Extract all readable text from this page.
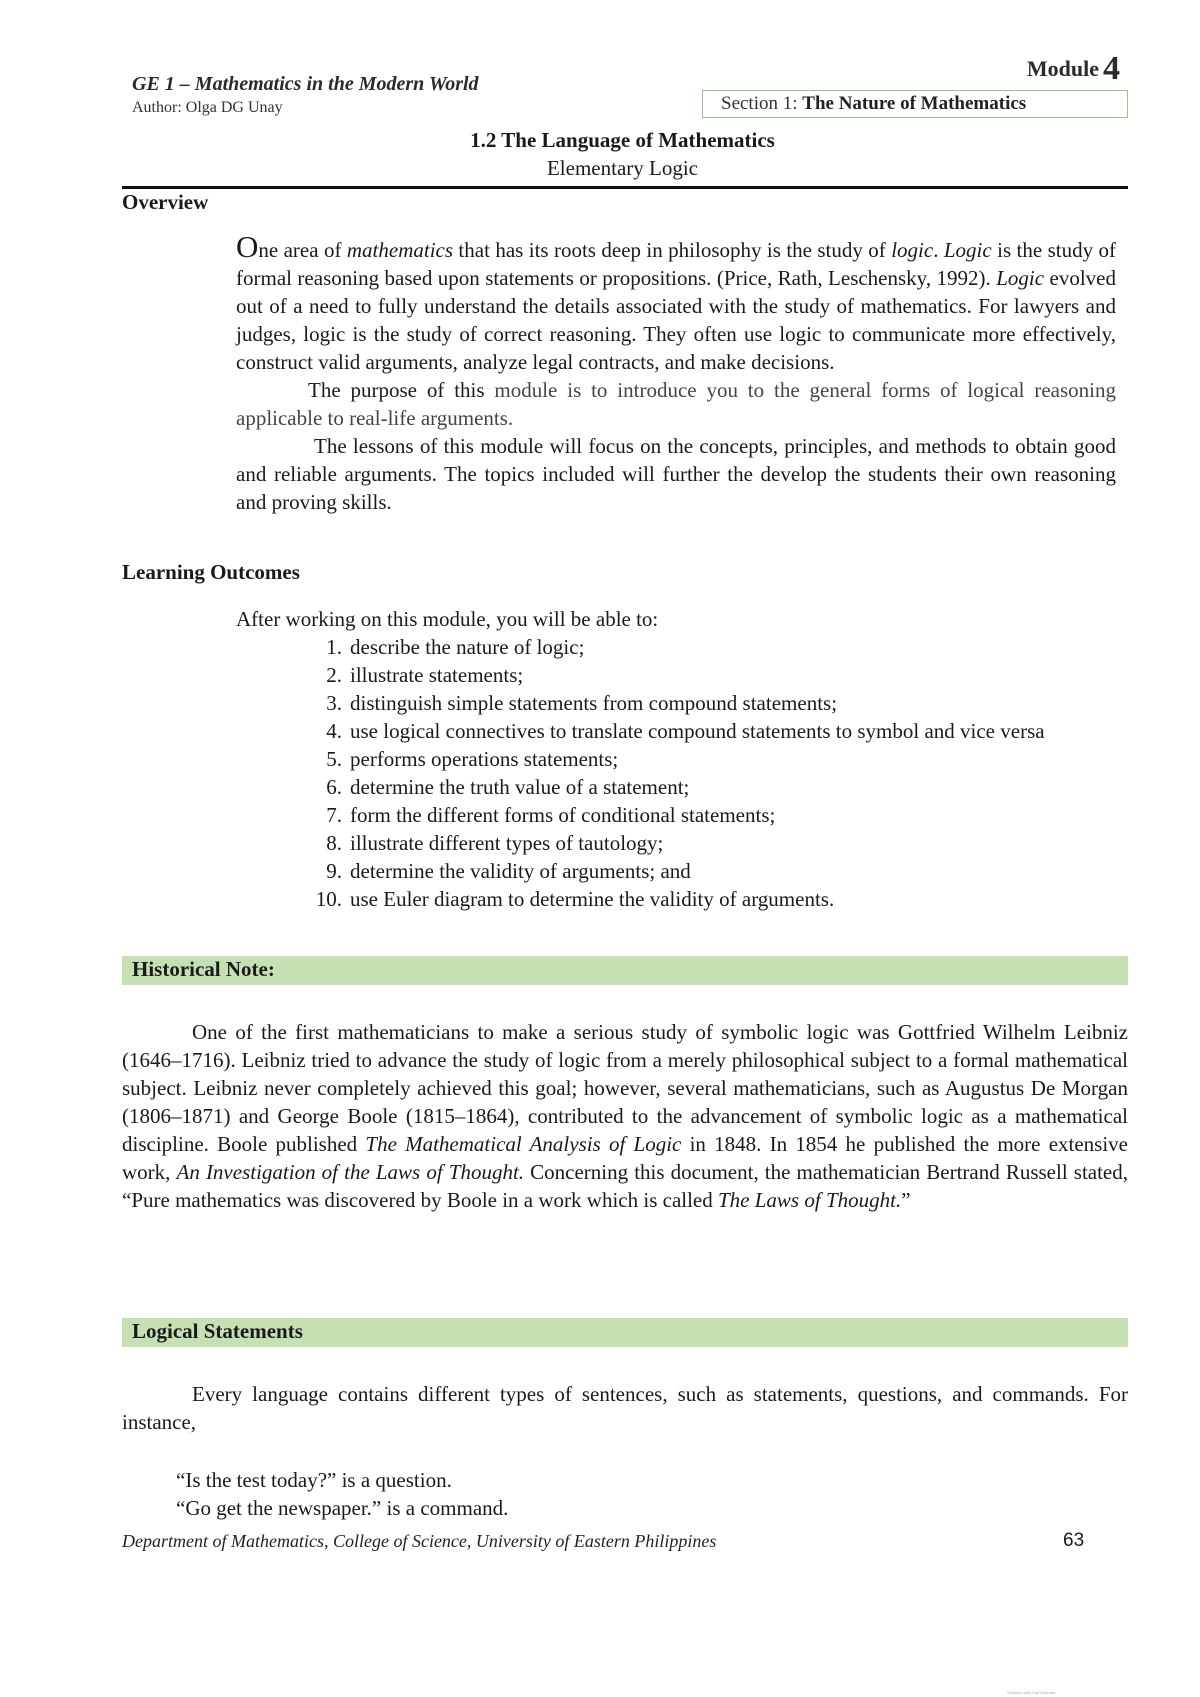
GE 1 – Mathematics in the Modern World
Author: Olga DG Unay
Module 4
Section 1: The Nature of Mathematics
1.2 The Language of Mathematics
Elementary Logic
Overview

One area of mathematics that has its roots deep in philosophy is the study of logic. Logic is the study of formal reasoning based upon statements or propositions. (Price, Rath, Leschensky, 1992). Logic evolved out of a need to fully understand the details associated with the study of mathematics. For lawyers and judges, logic is the study of correct reasoning. They often use logic to communicate more effectively, construct valid arguments, analyze legal contracts, and make decisions.

The purpose of this module is to introduce you to the general forms of logical reasoning applicable to real-life arguments.

The lessons of this module will focus on the concepts, principles, and methods to obtain good and reliable arguments. The topics included will further the develop the students their own reasoning and proving skills.

Learning Outcomes
After working on this module, you will be able to:
1. describe the nature of logic;
2. illustrate statements;
3. distinguish simple statements from compound statements;
4. use logical connectives to translate compound statements to symbol and vice versa
5. performs operations statements;
6. determine the truth value of a statement;
7. form the different forms of conditional statements;
8. illustrate different types of tautology;
9. determine the validity of arguments; and
10. use Euler diagram to determine the validity of arguments.
Historical Note:

One of the first mathematicians to make a serious study of symbolic logic was Gottfried Wilhelm Leibniz (1646–1716). Leibniz tried to advance the study of logic from a merely philosophical subject to a formal mathematical subject. Leibniz never completely achieved this goal; however, several mathematicians, such as Augustus De Morgan (1806–1871) and George Boole (1815–1864), contributed to the advancement of symbolic logic as a mathematical discipline. Boole published The Mathematical Analysis of Logic in 1848. In 1854 he published the more extensive work, An Investigation of the Laws of Thought. Concerning this document, the mathematician Bertrand Russell stated, “Pure mathematics was discovered by Boole in a work which is called The Laws of Thought.”

Logical Statements

Every language contains different types of sentences, such as statements, questions, and commands. For instance,

“Is the test today?” is a question.
“Go get the newspaper.” is a command.
Department of Mathematics, College of Science, University of Eastern Philippines	63
Scanned with CamScanner
